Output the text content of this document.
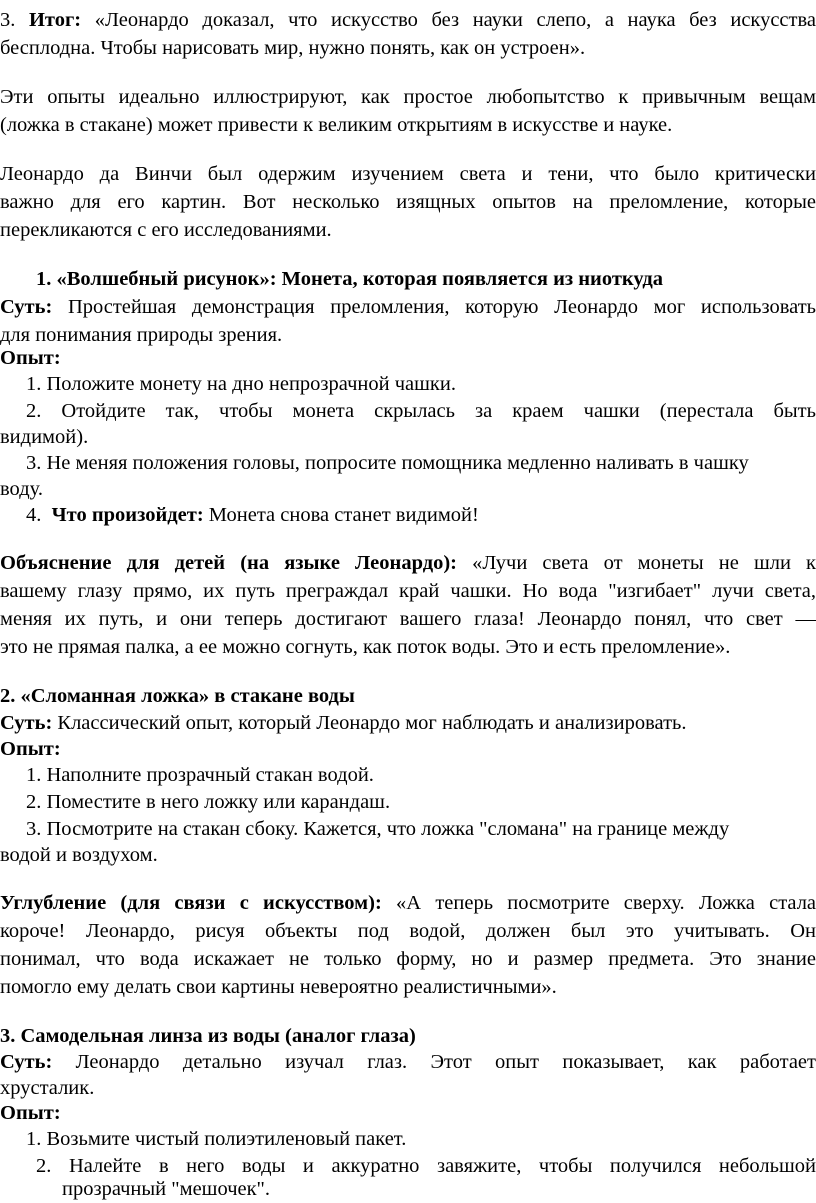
3. Итог: «Леонардо доказал, что искусство без науки слепо, а наука без искусства
бесплодна. Чтобы нарисовать мир, нужно понять, как он устроен».
Эти опыты идеально иллюстрируют, как простое любопытство к привычным вещам
(ложка в стакане) может привести к великим открытиям в искусстве и науке.
Леонардо да Винчи был одержим изучением света и тени, что было критически
важно для его картин. Вот несколько изящных опытов на преломление, которые
перекликаются с его исследованиями.
1. «Волшебный рисунок»: Монета, которая появляется из ниоткуда
Суть: Простейшая демонстрация преломления, которую Леонардо мог использовать
для понимания природы зрения.
Опыт:
1. Положите монету на дно непрозрачной чашки.
2. Отойдите так, чтобы монета скрылась за краем чашки (перестала быть
видимой).
3. Не меняя положения головы, попросите помощника медленно наливать в чашку
воду.
4. Что произойдет: Монета снова станет видимой!
Объяснение для детей (на языке Леонардо): «Лучи света от монеты не шли к
вашему глазу прямо, их путь преграждал край чашки. Но вода "изгибает" лучи света,
меняя их путь, и они теперь достигают вашего глаза! Леонардо понял, что свет —
это не прямая палка, а ее можно согнуть, как поток воды. Это и есть преломление».
2. «Сломанная ложка» в стакане воды
Суть: Классический опыт, который Леонардо мог наблюдать и анализировать.
Опыт:
1. Наполните прозрачный стакан водой.
2. Поместите в него ложку или карандаш.
3. Посмотрите на стакан сбоку. Кажется, что ложка "сломана" на границе между
водой и воздухом.
Углубление (для связи с искусством): «А теперь посмотрите сверху. Ложка стала
короче! Леонардо, рисуя объекты под водой, должен был это учитывать. Он
понимал, что вода искажает не только форму, но и размер предмета. Это знание
помогло ему делать свои картины невероятно реалистичными».
3. Самодельная линза из воды (аналог глаза)
Суть: Леонардо детально изучал глаз. Этот опыт показывает, как работает
хрусталик.
Опыт:
1. Возьмите чистый полиэтиленовый пакет.
2. Налейте в него воды и аккуратно завяжите, чтобы получился небольшой
прозрачный "мешочек".
